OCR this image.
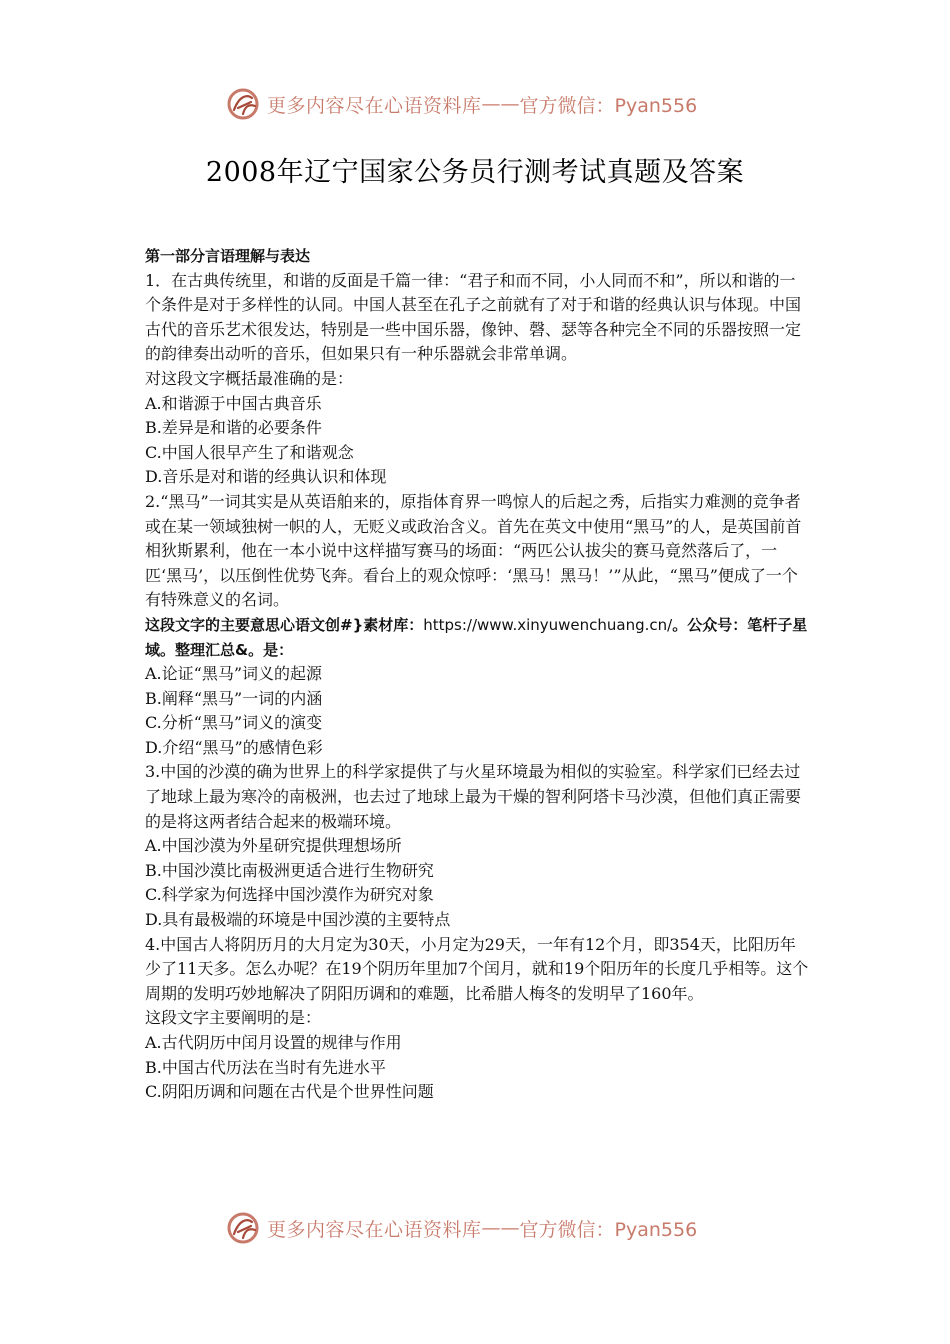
更多内容尽在心语资料库 —— 官方微信：Pyan556
2008年辽宁国家公务员行测考试真题及答案

第一部分言语理解与表达

1．在古典传统里，和谐的反面是千篇一律：“君子和而不同，小人同而不和”，所以和谐的一个条件是对于多样性的认同。中国人甚至在孔子之前就有了对于和谐的经典认识与体现。中国古代的音乐艺术很发达，特别是一些中国乐器，像钟、磬、瑟等各种完全不同的乐器按照一定的韵律奏出动听的音乐，但如果只有一种乐器就会非常单调。

对这段文字概括最准确的是：

A.和谐源于中国古典音乐

B.差异是和谐的必要条件

C.中国人很早产生了和谐观念

D.音乐是对和谐的经典认识和体现

2.“黑马”一词其实是从英语舶来的，原指体育界一鸣惊人的后起之秀，后指实力难测的竞争者或在某一领域独树一帜的人，无贬义或政治含义。首先在英文中使用“黑马”的人，是英国前首相狄斯累利，他在一本小说中这样描写赛马的场面：“两匹公认拔尖的赛马竟然落后了，一匹‘黑马’，以压倒性优势飞奔。看台上的观众惊呼：‘黑马！黑马！’”从此，“黑马”便成了一个有特殊意义的名词。

这段文字的主要意思心语文创#}素材库：https://www.xinyuwenchuang.cn/。公众号：笔杆子星域。整理汇总&。是：

A.论证“黑马”词义的起源

B.阐释“黑马”一词的内涵

C.分析“黑马”词义的演变

D.介绍“黑马”的感情色彩

3.中国的沙漠的确为世界上的科学家提供了与火星环境最为相似的实验室。科学家们已经去过了地球上最为寒冷的南极洲，也去过了地球上最为干燥的智利阿塔卡马沙漠，但他们真正需要的是将这两者结合起来的极端环境。

A.中国沙漠为外星研究提供理想场所

B.中国沙漠比南极洲更适合进行生物研究

C.科学家为何选择中国沙漠作为研究对象

D.具有最极端的环境是中国沙漠的主要特点

4.中国古人将阴历月的大月定为30天，小月定为29天，一年有12个月，即354天，比阳历年少了11天多。怎么办呢？在19个阴历年里加7个闰月，就和19个阳历年的长度几乎相等。这个周期的发明巧妙地解决了阴阳历调和的难题，比希腊人梅冬的发明早了160年。

这段文字主要阐明的是：

A.古代阴历中闰月设置的规律与作用

B.中国古代历法在当时有先进水平

C.阴阳历调和问题在古代是个世界性问题

更多内容尽在心语资料库 —— 官方微信：Pyan556
